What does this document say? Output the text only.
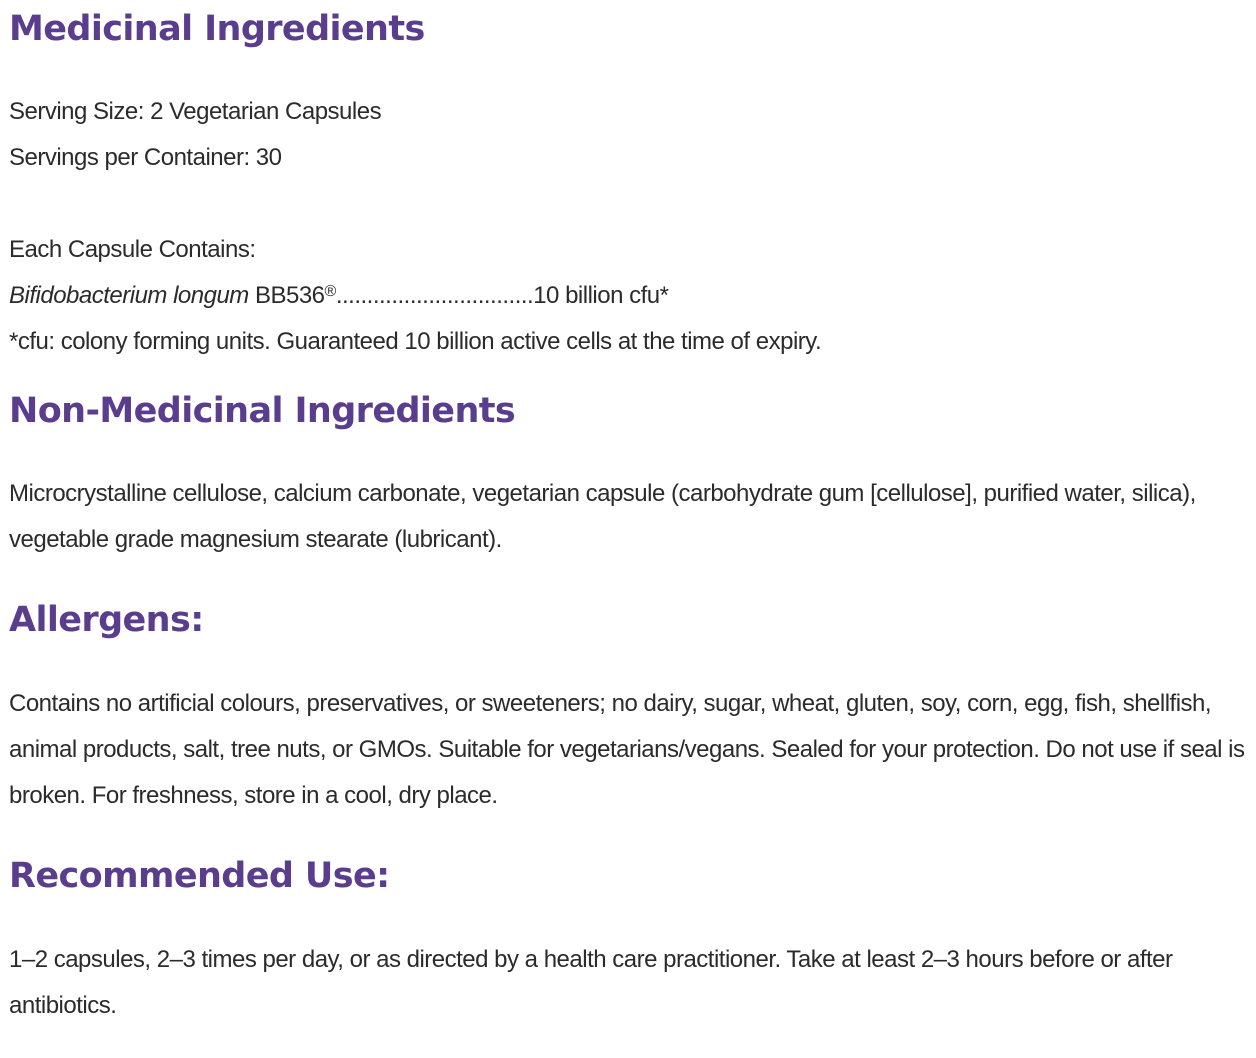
Medicinal Ingredients
Serving Size: 2 Vegetarian Capsules
Servings per Container: 30

Each Capsule Contains:
Bifidobacterium longum BB536®................................10 billion cfu*
*cfu: colony forming units. Guaranteed 10 billion active cells at the time of expiry.
Non-Medicinal Ingredients

Microcrystalline cellulose, calcium carbonate, vegetarian capsule (carbohydrate gum [cellulose], purified water, silica), vegetable grade magnesium stearate (lubricant).

Allergens:

Contains no artificial colours, preservatives, or sweeteners; no dairy, sugar, wheat, gluten, soy, corn, egg, fish, shellfish, animal products, salt, tree nuts, or GMOs. Suitable for vegetarians/vegans. Sealed for your protection. Do not use if seal is broken. For freshness, store in a cool, dry place.

Recommended Use:

1–2 capsules, 2–3 times per day, or as directed by a health care practitioner. Take at least 2–3 hours before or after antibiotics.
